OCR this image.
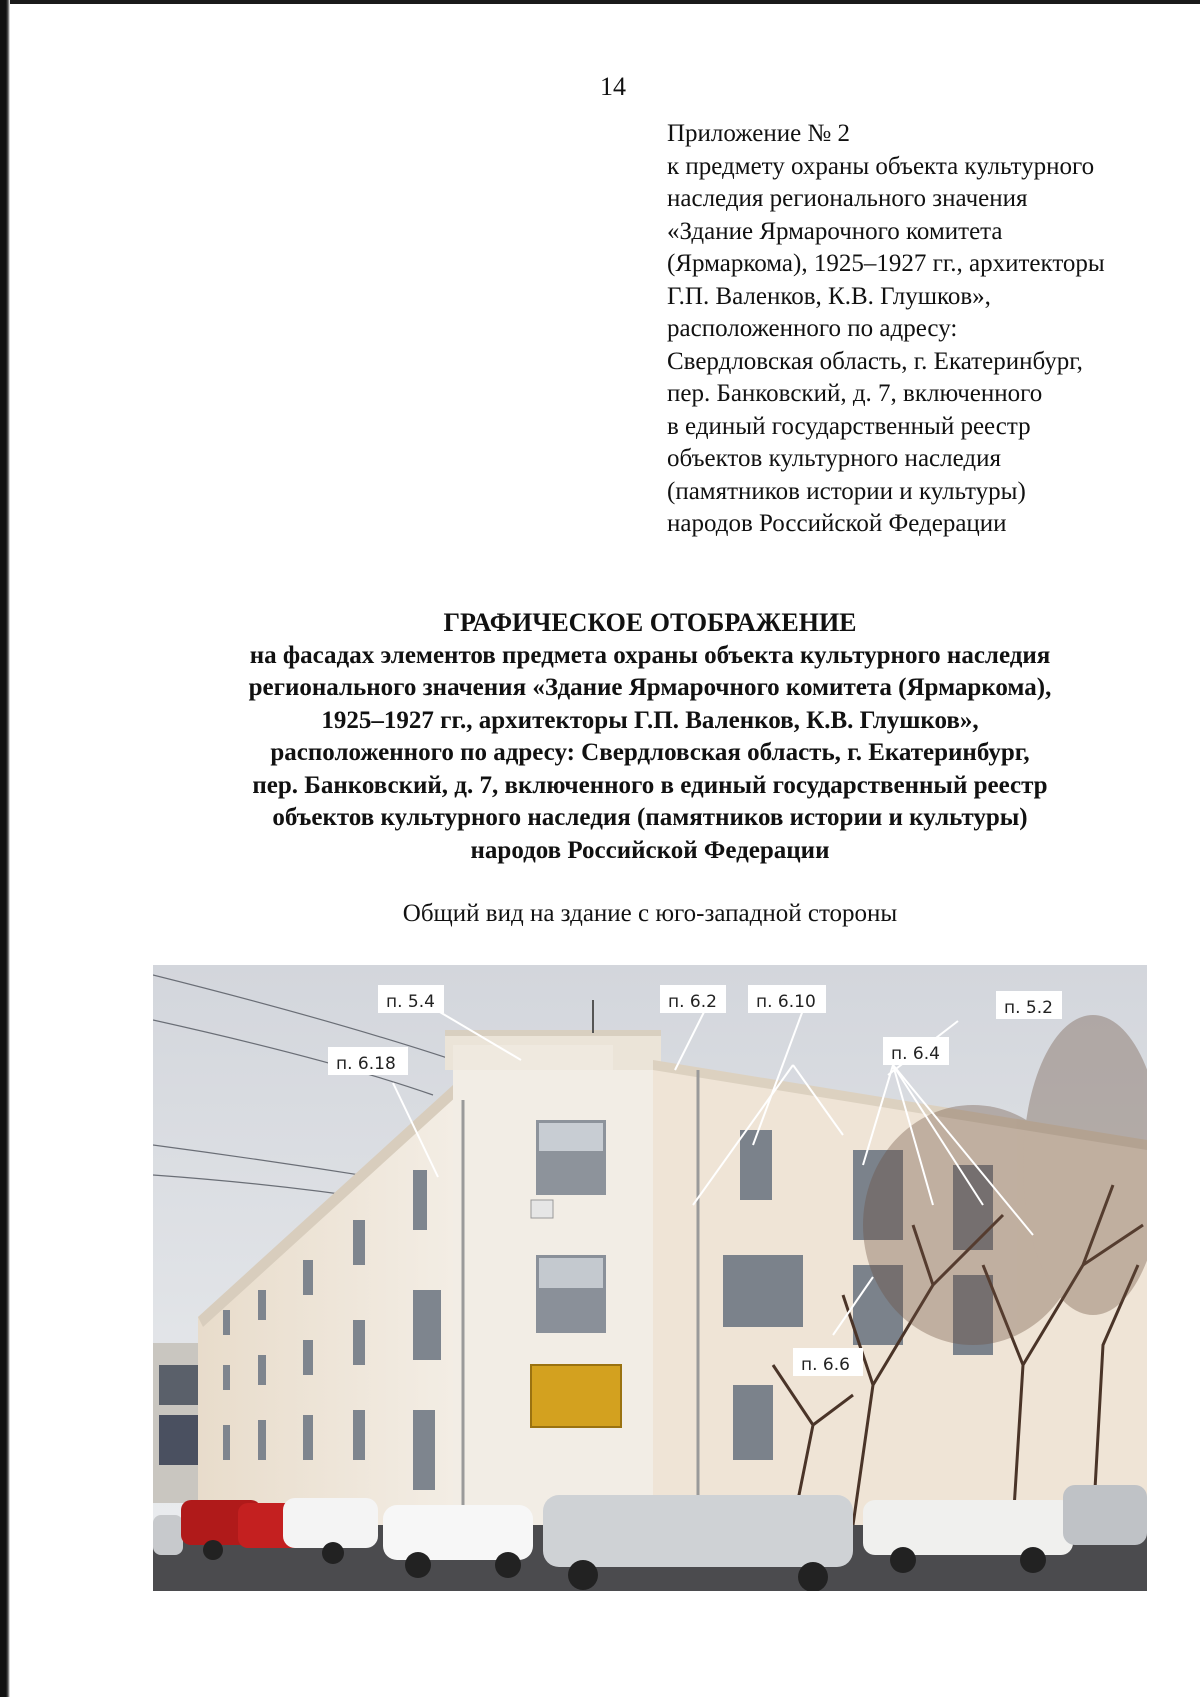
14
Приложение № 2
к предмету охраны объекта культурного
наследия регионального значения
«Здание Ярмарочного комитета
(Ярмаркома), 1925–1927 гг., архитекторы
Г.П. Валенков, К.В. Глушков»,
расположенного по адресу:
Свердловская область, г. Екатеринбург,
пер. Банковский, д. 7, включенного
в единый государственный реестр
объектов культурного наследия
(памятников истории и культуры)
народов Российской Федерации
ГРАФИЧЕСКОЕ ОТОБРАЖЕНИЕ
на фасадах элементов предмета охраны объекта культурного наследия
регионального значения «Здание Ярмарочного комитета (Ярмаркома),
1925–1927 гг., архитекторы Г.П. Валенков, К.В. Глушков»,
расположенного по адресу: Свердловская область, г. Екатеринбург,
пер. Банковский, д. 7, включенного в единый государственный реестр
объектов культурного наследия (памятников истории и культуры)
народов Российской Федерации
Общий вид на здание с юго-западной стороны
п. 5.4	п. 6.2 п. 6.10	п. 5.2
п. 6.4
п. 6.18
п. 6.6
